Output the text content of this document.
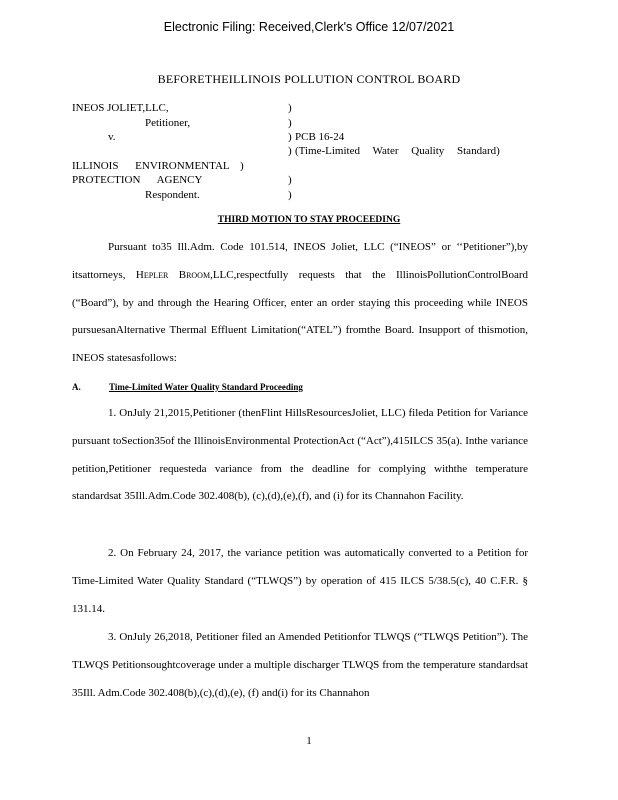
Electronic Filing: Received,Clerk's Office 12/07/2021
BEFORETHEILLINOIS POLLUTION CONTROL BOARD
INEOS JOLIET,LLC,
Petitioner,
v.
ILLINOIS ENVIRONMENTAL
PROTECTION AGENCY
Respondent.
)
)
) PCB 16-24
) (Time-Limited Water Quality Standard)
)
)
)
THIRD MOTION TO STAY PROCEEDING

Pursuant to35 Ill.Adm. Code 101.514, INEOS Joliet, LLC (“INEOS” or ‘‘Petitioner”),by itsattorneys, Hepler Broom,LLC,respectfully requests that the IllinoisPollutionControlBoard (“Board”), by and through the Hearing Officer, enter an order staying this proceeding while INEOS pursuesanAlternative Thermal Effluent Limitation(“ATEL”) fromthe Board. Insupport of thismotion, INEOS statesasfollows:

A.	Time-Limited Water Quality Standard Proceeding

1. OnJuly 21,2015,Petitioner (thenFlint HillsResourcesJoliet, LLC) fileda Petition for Variance pursuant toSection35of the IllinoisEnvironmental ProtectionAct (“Act”),415ILCS 35(a). Inthe variance petition,Petitioner requesteda variance from the deadline for complying withthe temperature standardsat 35Ill.Adm.Code 302.408(b), (c),(d),(e),(f), and (i) for its Channahon Facility.

2. On February 24, 2017, the variance petition was automatically converted to a Petition for Time-Limited Water Quality Standard (“TLWQS”) by operation of 415 ILCS 5/38.5(c), 40 C.F.R. § 131.14.

3. OnJuly 26,2018, Petitioner filed an Amended Petitionfor TLWQS (“TLWQS Petition”). The TLWQS Petitionsoughtcoverage under a multiple discharger TLWQS from the temperature standardsat 35Ill. Adm.Code 302.408(b),(c),(d),(e), (f) and(i) for its Channahon

1
